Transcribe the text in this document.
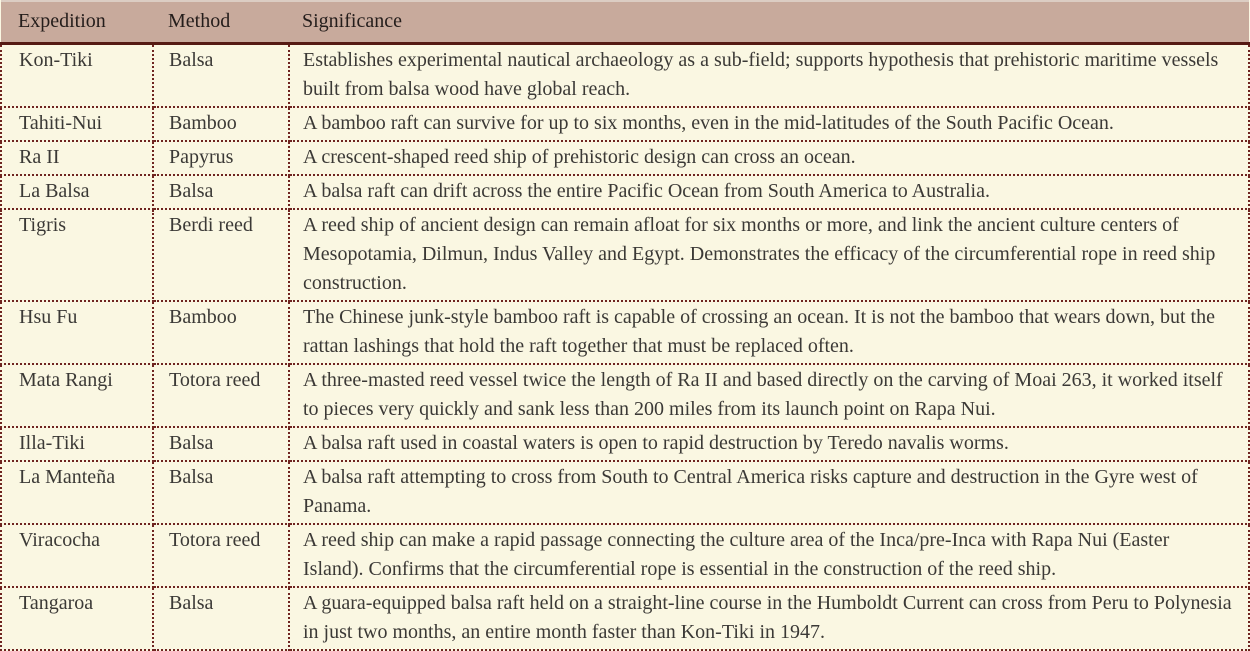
Expedition	Method	Significance
Kon-Tiki	Balsa	Establishes experimental nautical archaeology as a sub-field; supports hypothesis that prehistoric maritime vessels built from balsa wood have global reach.
Tahiti-Nui	Bamboo	A bamboo raft can survive for up to six months, even in the mid-latitudes of the South Pacific Ocean.
Ra II	Papyrus	A crescent-shaped reed ship of prehistoric design can cross an ocean.
La Balsa	Balsa	A balsa raft can drift across the entire Pacific Ocean from South America to Australia.
Tigris	Berdi reed	A reed ship of ancient design can remain afloat for six months or more, and link the ancient culture centers of Mesopotamia, Dilmun, Indus Valley and Egypt. Demonstrates the efficacy of the circumferential rope in reed ship construction.
Hsu Fu	Bamboo	The Chinese junk-style bamboo raft is capable of crossing an ocean. It is not the bamboo that wears down, but the rattan lashings that hold the raft together that must be replaced often.
Mata Rangi	Totora reed	A three-masted reed vessel twice the length of Ra II and based directly on the carving of Moai 263, it worked itself to pieces very quickly and sank less than 200 miles from its launch point on Rapa Nui.
Illa-Tiki	Balsa	A balsa raft used in coastal waters is open to rapid destruction by Teredo navalis worms.
La Manteña	Balsa	A balsa raft attempting to cross from South to Central America risks capture and destruction in the Gyre west of Panama.
Viracocha	Totora reed	A reed ship can make a rapid passage connecting the culture area of the Inca/pre-Inca with Rapa Nui (Easter Island). Confirms that the circumferential rope is essential in the construction of the reed ship.
Tangaroa	Balsa	A guara-equipped balsa raft held on a straight-line course in the Humboldt Current can cross from Peru to Polynesia in just two months, an entire month faster than Kon-Tiki in 1947.
